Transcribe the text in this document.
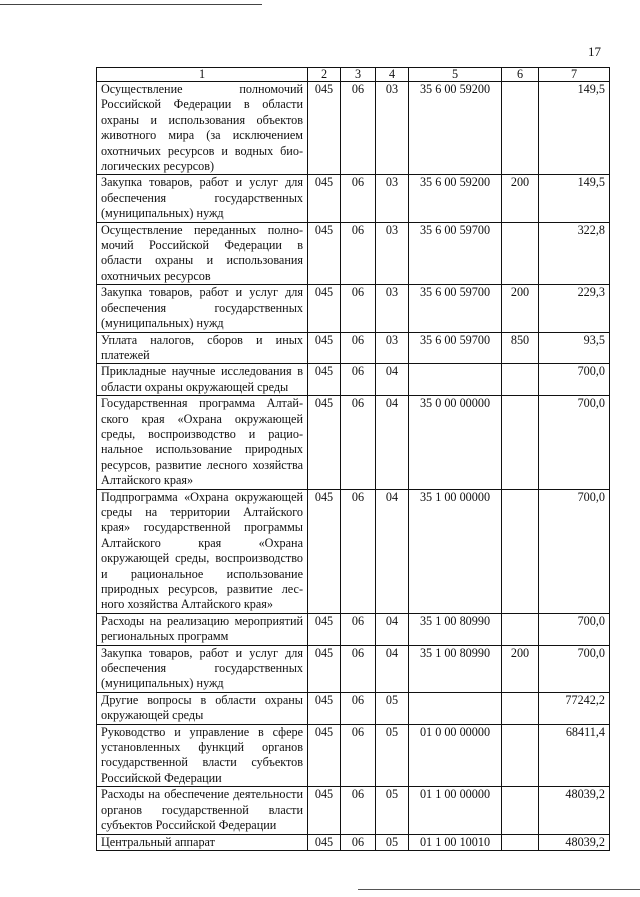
17
1	2	3	4	5	6	7
Осуществление полномочий Российской Федерации в области охраны и использования объектов животного мира (за исключением охотничьих ресурсов и водных биологических ресурсов)	045	06	03	35 6 00 59200		149,5
Закупка товаров, работ и услуг для обеспечения государственных (муниципальных) нужд	045	06	03	35 6 00 59200	200	149,5
Осуществление переданных полномочий Российской Федерации в области охраны и использования охотничьих ресурсов	045	06	03	35 6 00 59700		322,8
Закупка товаров, работ и услуг для обеспечения государственных (муниципальных) нужд	045	06	03	35 6 00 59700	200	229,3
Уплата налогов, сборов и иных платежей	045	06	03	35 6 00 59700	850	93,5
Прикладные научные исследования в области охраны окружающей среды	045	06	04			700,0
Государственная программа Алтайского края «Охрана окружающей среды, воспроизводство и рациональное использование природных ресурсов, развитие лесного хозяйства Алтайского края»	045	06	04	35 0 00 00000		700,0
Подпрограмма «Охрана окружающей среды на территории Алтайского края» государственной программы Алтайского края «Охрана окружающей среды, воспроизводство и рациональное использование природных ресурсов, развитие лесного хозяйства Алтайского края»	045	06	04	35 1 00 00000		700,0
Расходы на реализацию мероприятий региональных программ	045	06	04	35 1 00 80990		700,0
Закупка товаров, работ и услуг для обеспечения государственных (муниципальных) нужд	045	06	04	35 1 00 80990	200	700,0
Другие вопросы в области охраны окружающей среды	045	06	05			77242,2
Руководство и управление в сфере установленных функций органов государственной власти субъектов Российской Федерации	045	06	05	01 0 00 00000		68411,4
Расходы на обеспечение деятельности органов государственной власти субъектов Российской Федерации	045	06	05	01 1 00 00000		48039,2
Центральный аппарат	045	06	05	01 1 00 10010		48039,2
